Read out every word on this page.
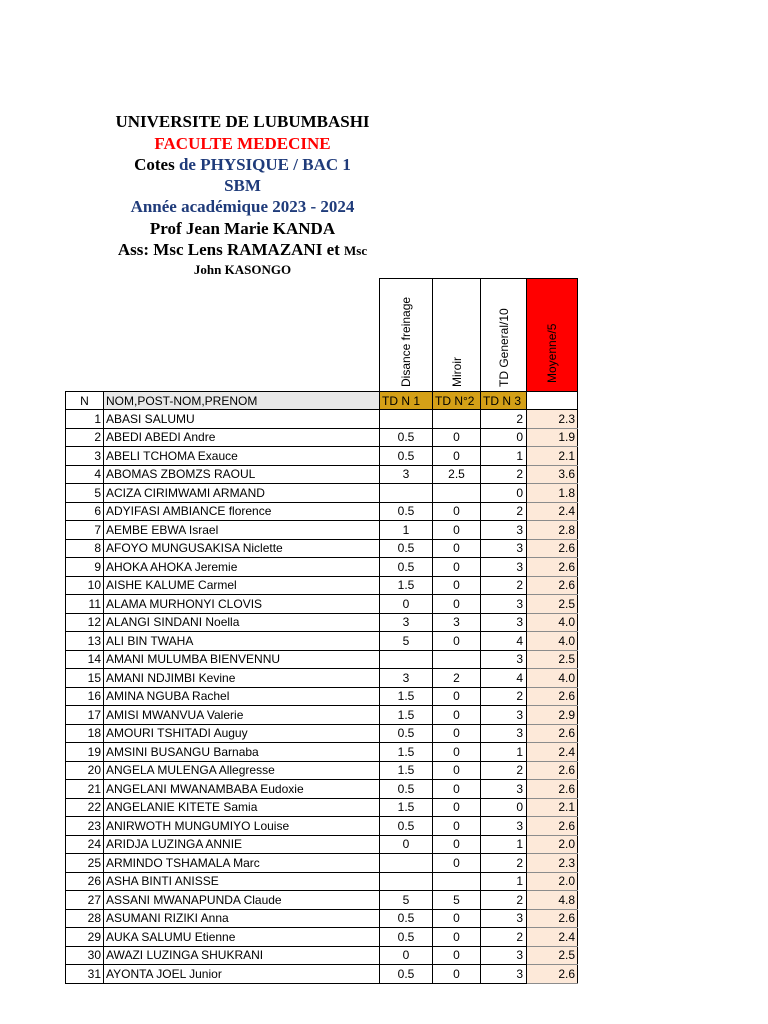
UNIVERSITE DE LUBUMBASHI
FACULTE MEDECINE
Cotes de PHYSIQUE / BAC 1
SBM
Année académique 2023 - 2024
Prof Jean Marie KANDA
Ass: Msc Lens RAMAZANI et Msc
John KASONGO

		Disance freinage	Miroir	TD General/10	Moyenne/5

N	NOM,POST-NOM,PRENOM	TD N 1	TD N°2	TD N 3	
1	ABASI SALUMU			2	2.3
2	ABEDI ABEDI Andre	0.5	0	0	1.9
3	ABELI TCHOMA Exauce	0.5	0	1	2.1
4	ABOMAS ZBOMZS RAOUL	3	2.5	2	3.6
5	ACIZA CIRIMWAMI ARMAND			0	1.8
6	ADYIFASI AMBIANCE florence	0.5	0	2	2.4
7	AEMBE EBWA Israel	1	0	3	2.8
8	AFOYO MUNGUSAKISA Niclette	0.5	0	3	2.6
9	AHOKA AHOKA Jeremie	0.5	0	3	2.6
10	AISHE KALUME Carmel	1.5	0	2	2.6
11	ALAMA MURHONYI CLOVIS	0	0	3	2.5
12	ALANGI SINDANI Noella	3	3	3	4.0
13	ALI BIN TWAHA	5	0	4	4.0
14	AMANI MULUMBA BIENVENNU			3	2.5
15	AMANI NDJIMBI Kevine	3	2	4	4.0
16	AMINA NGUBA Rachel	1.5	0	2	2.6
17	AMISI MWANVUA Valerie	1.5	0	3	2.9
18	AMOURI TSHITADI Auguy	0.5	0	3	2.6
19	AMSINI BUSANGU Barnaba	1.5	0	1	2.4
20	ANGELA MULENGA Allegresse	1.5	0	2	2.6
21	ANGELANI MWANAMBABA Eudoxie	0.5	0	3	2.6
22	ANGELANIE KITETE Samia	1.5	0	0	2.1
23	ANIRWOTH MUNGUMIYO Louise	0.5	0	3	2.6
24	ARIDJA LUZINGA ANNIE	0	0	1	2.0
25	ARMINDO TSHAMALA Marc		0	2	2.3
26	ASHA BINTI ANISSE			1	2.0
27	ASSANI MWANAPUNDA Claude	5	5	2	4.8
28	ASUMANI RIZIKI Anna	0.5	0	3	2.6
29	AUKA SALUMU Etienne	0.5	0	2	2.4
30	AWAZI LUZINGA SHUKRANI	0	0	3	2.5
31	AYONTA JOEL Junior	0.5	0	3	2.6
